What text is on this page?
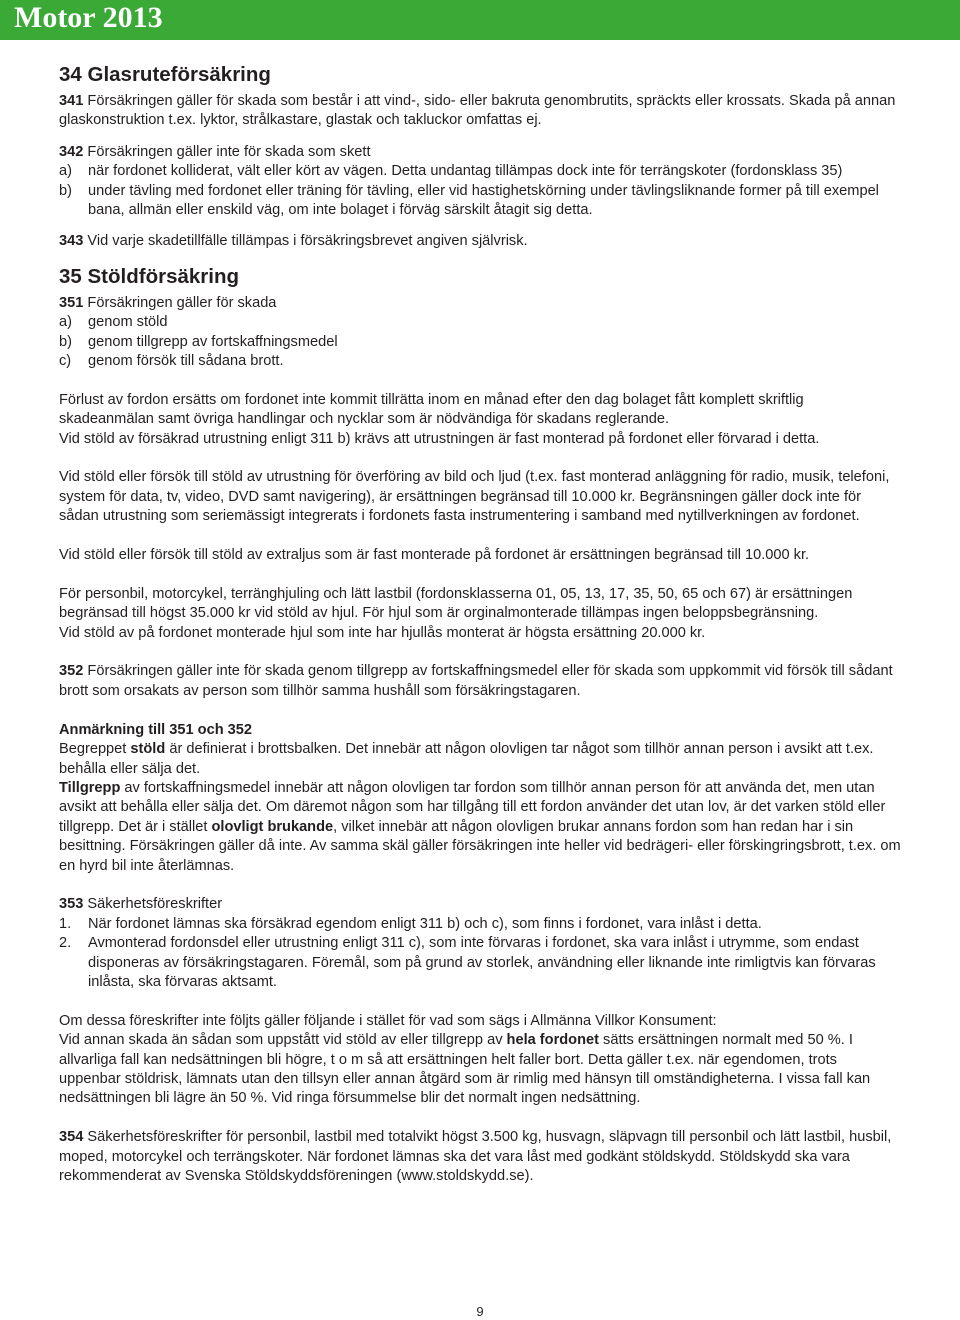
Motor 2013
34 Glasruteförsäkring

341 Försäkringen gäller för skada som består i att vind-, sido- eller bakruta genombrutits, spräckts eller krossats. Skada på annan glaskonstruktion t.ex. lyktor, strålkastare, glastak och takluckor omfattas ej.

342 Försäkringen gäller inte för skada som skett

a)	när fordonet kolliderat, vält eller kört av vägen. Detta undantag tillämpas dock inte för terrängskoter (fordonsklass 35)
b)	under tävling med fordonet eller träning för tävling, eller vid hastighetskörning under tävlingsliknande former på till exempel bana, allmän eller enskild väg, om inte bolaget i förväg särskilt åtagit sig detta.

343 Vid varje skadetillfälle tillämpas i försäkringsbrevet angiven självrisk.

35 Stöldförsäkring

351 Försäkringen gäller för skada

a)	genom stöld
b)	genom tillgrepp av fortskaffningsmedel
c)	genom försök till sådana brott.

Förlust av fordon ersätts om fordonet inte kommit tillrätta inom en månad efter den dag bolaget fått komplett skriftlig skadeanmälan samt övriga handlingar och nycklar som är nödvändiga för skadans reglerande.

Vid stöld av försäkrad utrustning enligt 311 b) krävs att utrustningen är fast monterad på fordonet eller förvarad i detta.

Vid stöld eller försök till stöld av utrustning för överföring av bild och ljud (t.ex. fast monterad anläggning för radio, musik, telefoni, system för data, tv, video, DVD samt navigering), är ersättningen begränsad till 10.000 kr. Begränsningen gäller dock inte för sådan utrustning som seriemässigt integrerats i fordonets fasta instrumentering i samband med nytillverkningen av fordonet.

Vid stöld eller försök till stöld av extraljus som är fast monterade på fordonet är ersättningen begränsad till 10.000 kr.

För personbil, motorcykel, terränghjuling och lätt lastbil (fordonsklasserna 01, 05, 13, 17, 35, 50, 65 och 67) är ersättningen begränsad till högst 35.000 kr vid stöld av hjul. För hjul som är orginalmonterade tillämpas ingen beloppsbegränsning.

Vid stöld av på fordonet monterade hjul som inte har hjullås monterat är högsta ersättning 20.000 kr.

352 Försäkringen gäller inte för skada genom tillgrepp av fortskaffningsmedel eller för skada som uppkommit vid försök till sådant brott som orsakats av person som tillhör samma hushåll som försäkringstagaren.

Anmärkning till 351 och 352

Begreppet stöld är definierat i brottsbalken. Det innebär att någon olovligen tar något som tillhör annan person i avsikt att t.ex. behålla eller sälja det.

Tillgrepp av fortskaffningsmedel innebär att någon olovligen tar fordon som tillhör annan person för att använda det, men utan avsikt att behålla eller sälja det. Om däremot någon som har tillgång till ett fordon använder det utan lov, är det varken stöld eller tillgrepp. Det är i stället olovligt brukande, vilket innebär att någon olovligen brukar annans fordon som han redan har i sin besittning. Försäkringen gäller då inte. Av samma skäl gäller försäkringen inte heller vid bedrägeri- eller förskingringsbrott, t.ex. om en hyrd bil inte återlämnas.

353 Säkerhetsföreskrifter

1.	När fordonet lämnas ska försäkrad egendom enligt 311 b) och c), som finns i fordonet, vara inlåst i detta.
2.	Avmonterad fordonsdel eller utrustning enligt 311 c), som inte förvaras i fordonet, ska vara inlåst i utrymme, som endast disponeras av försäkringstagaren. Föremål, som på grund av storlek, användning eller liknande inte rimligtvis kan förvaras inlåsta, ska förvaras aktsamt.

Om dessa föreskrifter inte följts gäller följande i stället för vad som sägs i Allmänna Villkor Konsument:

Vid annan skada än sådan som uppstått vid stöld av eller tillgrepp av hela fordonet sätts ersättningen normalt med 50 %. I allvarliga fall kan nedsättningen bli högre, t o m så att ersättningen helt faller bort. Detta gäller t.ex. när egendomen, trots uppenbar stöldrisk, lämnats utan den tillsyn eller annan åtgärd som är rimlig med hänsyn till omständigheterna. I vissa fall kan nedsättningen bli lägre än 50 %. Vid ringa försummelse blir det normalt ingen nedsättning.

354 Säkerhetsföreskrifter för personbil, lastbil med totalvikt högst 3.500 kg, husvagn, släpvagn till personbil och lätt lastbil, husbil, moped, motorcykel och terrängskoter. När fordonet lämnas ska det vara låst med godkänt stöldskydd. Stöldskydd ska vara rekommenderat av Svenska Stöldskyddsföreningen (www.stoldskydd.se).

9
